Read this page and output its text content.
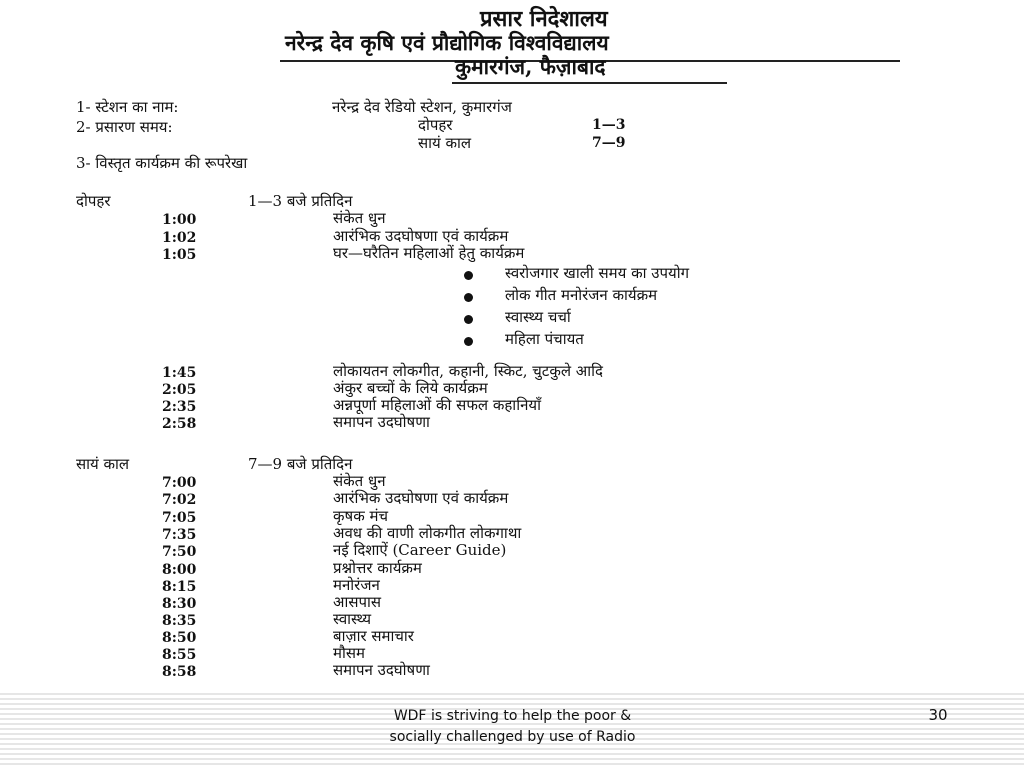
प्रसार निदेशालय
नरेन्द्र देव कृषि एवं प्रौद्योगिक विश्वविद्यालय
कुमारगंज, फैज़ाबाद
1- स्टेशन का नाम:	नरेन्द्र देव रेडियो स्टेशन, कुमारगंज
2- प्रसारण समय:	दोपहर	1—3
सायं काल	7—9
3- विस्तृत कार्यक्रम की रूपरेखा
दोपहर	1—3 बजे प्रतिदिन
1:00	संकेत धुन
1:02	आरंभिक उदघोषणा एवं कार्यक्रम
1:05	घर—घरैतिन महिलाओं हेतु कार्यक्रम
स्वरोजगार खाली समय का उपयोग
लोक गीत मनोरंजन कार्यक्रम
स्वास्थ्य चर्चा
महिला पंचायत
1:45	लोकायतन लोकगीत, कहानी, स्किट, चुटकुले आदि
2:05	अंकुर बच्चों के लिये कार्यक्रम
2:35	अन्नपूर्णा महिलाओं की सफल कहानियाँ
2:58	समापन उदघोषणा
सायं काल	7—9 बजे प्रतिदिन
7:00	संकेत धुन
7:02	आरंभिक उदघोषणा एवं कार्यक्रम
7:05	कृषक मंच
7:35	अवध की वाणी लोकगीत लोकगाथा
7:50	नई दिशाऐं (Career Guide)
8:00	प्रश्नोत्तर कार्यक्रम
8:15	मनोरंजन
8:30	आसपास
8:35	स्वास्थ्य
8:50	बाज़ार समाचार
8:55	मौसम
8:58	समापन उदघोषणा
WDF is striving to help the poor &
socially challenged by use of Radio
30
